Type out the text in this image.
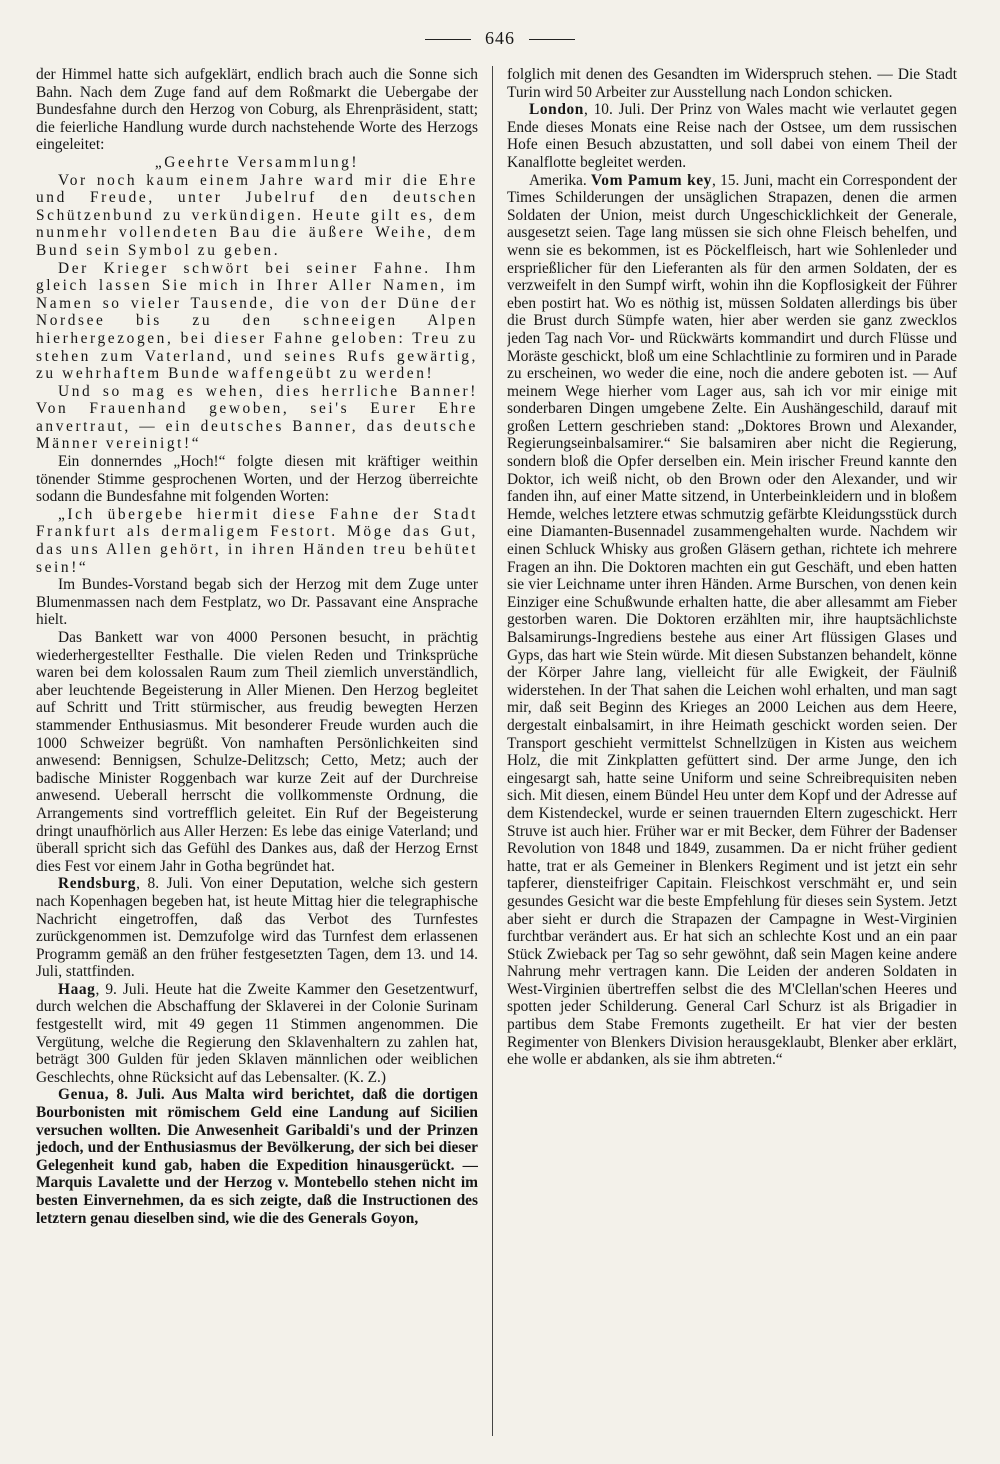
646

der Himmel hatte sich aufgeklärt, endlich brach auch die Sonne sich Bahn. Nach dem Zuge fand auf dem Roßmarkt die Uebergabe der Bundesfahne durch den Herzog von Coburg, als Ehrenpräsident, statt; die feierliche Handlung wurde durch nachstehende Worte des Herzogs eingeleitet:

„Geehrte Versammlung!

Vor noch kaum einem Jahre ward mir die Ehre und Freude, unter Jubelruf den deutschen Schützenbund zu verkündigen. Heute gilt es, dem nunmehr vollendeten Bau die äußere Weihe, dem Bund sein Symbol zu geben.

Der Krieger schwört bei seiner Fahne. Ihm gleich lassen Sie mich in Ihrer Aller Namen, im Namen so vieler Tausende, die von der Düne der Nordsee bis zu den schneeigen Alpen hierhergezogen, bei dieser Fahne geloben: Treu zu stehen zum Vaterland, und seines Rufs gewärtig, zu wehrhaftem Bunde waffengeübt zu werden!

Und so mag es wehen, dies herrliche Banner! Von Frauenhand gewoben, sei's Eurer Ehre anvertraut, — ein deutsches Banner, das deutsche Männer vereinigt!“

Ein donnerndes „Hoch!“ folgte diesen mit kräftiger weithin tönender Stimme gesprochenen Worten, und der Herzog überreichte sodann die Bundesfahne mit folgenden Worten:

„Ich übergebe hiermit diese Fahne der Stadt Frankfurt als dermaligem Festort. Möge das Gut, das uns Allen gehört, in ihren Händen treu behütet sein!“

Im Bundes-Vorstand begab sich der Herzog mit dem Zuge unter Blumenmassen nach dem Festplatz, wo Dr. Passavant eine Ansprache hielt.

Das Bankett war von 4000 Personen besucht, in prächtig wiederhergestellter Festhalle. Die vielen Reden und Trinksprüche waren bei dem kolossalen Raum zum Theil ziemlich unverständlich, aber leuchtende Begeisterung in Aller Mienen. Den Herzog begleitet auf Schritt und Tritt stürmischer, aus freudig bewegten Herzen stammender Enthusiasmus. Mit besonderer Freude wurden auch die 1000 Schweizer begrüßt. Von namhaften Persönlichkeiten sind anwesend: Bennigsen, Schulze-Delitzsch; Cetto, Metz; auch der badische Minister Roggenbach war kurze Zeit auf der Durchreise anwesend. Ueberall herrscht die vollkommenste Ordnung, die Arrangements sind vortrefflich geleitet. Ein Ruf der Begeisterung dringt unaufhörlich aus Aller Herzen: Es lebe das einige Vaterland; und überall spricht sich das Gefühl des Dankes aus, daß der Herzog Ernst dies Fest vor einem Jahr in Gotha begründet hat.

Rendsburg, 8. Juli. Von einer Deputation, welche sich gestern nach Kopenhagen begeben hat, ist heute Mittag hier die telegraphische Nachricht eingetroffen, daß das Verbot des Turnfestes zurückgenommen ist. Demzufolge wird das Turnfest dem erlassenen Programm gemäß an den früher festgesetzten Tagen, dem 13. und 14. Juli, stattfinden.

Haag, 9. Juli. Heute hat die Zweite Kammer den Gesetzentwurf, durch welchen die Abschaffung der Sklaverei in der Colonie Surinam festgestellt wird, mit 49 gegen 11 Stimmen angenommen. Die Vergütung, welche die Regierung den Sklavenhaltern zu zahlen hat, beträgt 300 Gulden für jeden Sklaven männlichen oder weiblichen Geschlechts, ohne Rücksicht auf das Lebensalter. (K. Z.)

Genua, 8. Juli. Aus Malta wird berichtet, daß die dortigen Bourbonisten mit römischem Geld eine Landung auf Sicilien versuchen wollten. Die Anwesenheit Garibaldi's und der Prinzen jedoch, und der Enthusiasmus der Bevölkerung, der sich bei dieser Gelegenheit kund gab, haben die Expedition hinausgerückt. — Marquis Lavalette und der Herzog v. Montebello stehen nicht im besten Einvernehmen, da es sich zeigte, daß die Instructionen des letztern genau dieselben sind, wie die des Generals Goyon,

folglich mit denen des Gesandten im Widerspruch stehen. — Die Stadt Turin wird 50 Arbeiter zur Ausstellung nach London schicken.

London, 10. Juli. Der Prinz von Wales macht wie verlautet gegen Ende dieses Monats eine Reise nach der Ostsee, um dem russischen Hofe einen Besuch abzustatten, und soll dabei von einem Theil der Kanalflotte begleitet werden.

Amerika. Vom Pamum key, 15. Juni, macht ein Correspondent der Times Schilderungen der unsäglichen Strapazen, denen die armen Soldaten der Union, meist durch Ungeschicklichkeit der Generale, ausgesetzt seien. Tage lang müssen sie sich ohne Fleisch behelfen, und wenn sie es bekommen, ist es Pöckelfleisch, hart wie Sohlenleder und ersprießlicher für den Lieferanten als für den armen Soldaten, der es verzweifelt in den Sumpf wirft, wohin ihn die Kopflosigkeit der Führer eben postirt hat. Wo es nöthig ist, müssen Soldaten allerdings bis über die Brust durch Sümpfe waten, hier aber werden sie ganz zwecklos jeden Tag nach Vor- und Rückwärts kommandirt und durch Flüsse und Moräste geschickt, bloß um eine Schlachtlinie zu formiren und in Parade zu erscheinen, wo weder die eine, noch die andere geboten ist. — Auf meinem Wege hierher vom Lager aus, sah ich vor mir einige mit sonderbaren Dingen umgebene Zelte. Ein Aushängeschild, darauf mit großen Lettern geschrieben stand: „Doktores Brown und Alexander, Regierungseinbalsamirer.“ Sie balsamiren aber nicht die Regierung, sondern bloß die Opfer derselben ein. Mein irischer Freund kannte den Doktor, ich weiß nicht, ob den Brown oder den Alexander, und wir fanden ihn, auf einer Matte sitzend, in Unterbeinkleidern und in bloßem Hemde, welches letztere etwas schmutzig gefärbte Kleidungsstück durch eine Diamanten-Busennadel zusammengehalten wurde. Nachdem wir einen Schluck Whisky aus großen Gläsern gethan, richtete ich mehrere Fragen an ihn. Die Doktoren machten ein gut Geschäft, und eben hatten sie vier Leichname unter ihren Händen. Arme Burschen, von denen kein Einziger eine Schußwunde erhalten hatte, die aber allesammt am Fieber gestorben waren. Die Doktoren erzählten mir, ihre hauptsächlichste Balsamirungs-Ingrediens bestehe aus einer Art flüssigen Glases und Gyps, das hart wie Stein würde. Mit diesen Substanzen behandelt, könne der Körper Jahre lang, vielleicht für alle Ewigkeit, der Fäulniß widerstehen. In der That sahen die Leichen wohl erhalten, und man sagt mir, daß seit Beginn des Krieges an 2000 Leichen aus dem Heere, dergestalt einbalsamirt, in ihre Heimath geschickt worden seien. Der Transport geschieht vermittelst Schnellzügen in Kisten aus weichem Holz, die mit Zinkplatten gefüttert sind. Der arme Junge, den ich eingesargt sah, hatte seine Uniform und seine Schreibrequisiten neben sich. Mit diesen, einem Bündel Heu unter dem Kopf und der Adresse auf dem Kistendeckel, wurde er seinen trauernden Eltern zugeschickt. Herr Struve ist auch hier. Früher war er mit Becker, dem Führer der Badenser Revolution von 1848 und 1849, zusammen. Da er nicht früher gedient hatte, trat er als Gemeiner in Blenkers Regiment und ist jetzt ein sehr tapferer, diensteifriger Capitain. Fleischkost verschmäht er, und sein gesundes Gesicht war die beste Empfehlung für dieses sein System. Jetzt aber sieht er durch die Strapazen der Campagne in West-Virginien furchtbar verändert aus. Er hat sich an schlechte Kost und an ein paar Stück Zwieback per Tag so sehr gewöhnt, daß sein Magen keine andere Nahrung mehr vertragen kann. Die Leiden der anderen Soldaten in West-Virginien übertreffen selbst die des M'Clellan'schen Heeres und spotten jeder Schilderung. General Carl Schurz ist als Brigadier in partibus dem Stabe Fremonts zugetheilt. Er hat vier der besten Regimenter von Blenkers Division herausgeklaubt, Blenker aber erklärt, ehe wolle er abdanken, als sie ihm abtreten.“
